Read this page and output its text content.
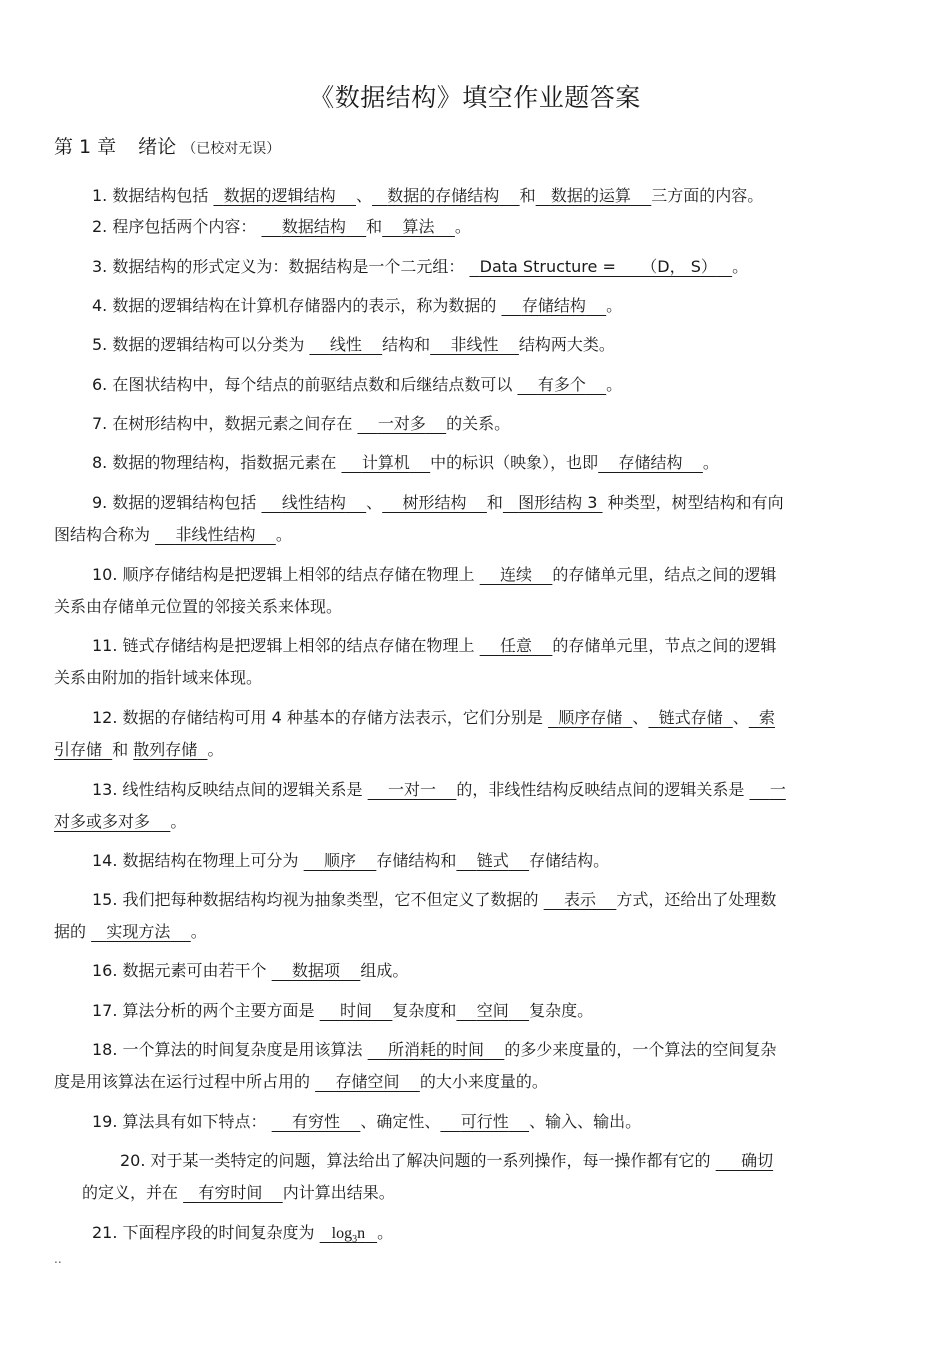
《数据结构》填空作业题答案
第 1 章 绪论 （已校对无误）
1. 数据结构包括 数据的逻辑结构 、 数据的存储结构 和 数据的运算 三方面的内容。
2. 程序包括两个内容： 数据结构 和 算法 。
3. 数据结构的形式定义为：数据结构是一个二元组： Data Structure =     （D， S） 。
4. 数据的逻辑结构在计算机存储器内的表示，称为数据的 存储结构 。
5. 数据的逻辑结构可以分类为 线性 结构和 非线性 结构两大类。
6. 在图状结构中，每个结点的前驱结点数和后继结点数可以 有多个 。
7. 在树形结构中，数据元素之间存在 一对多 的关系。
8. 数据的物理结构，指数据元素在 计算机 中的标识（映象），也即 存储结构 。
9. 数据的逻辑结构包括 线性结构 、 树形结构 和 图形结构 3 种类型，树型结构和有向
图结构合称为 非线性结构 。
10. 顺序存储结构是把逻辑上相邻的结点存储在物理上 连续 的存储单元里，结点之间的逻辑
关系由存储单元位置的邻接关系来体现。
11. 链式存储结构是把逻辑上相邻的结点存储在物理上 任意 的存储单元里，节点之间的逻辑
关系由附加的指针域来体现。
12. 数据的存储结构可用 4 种基本的存储方法表示，它们分别是 顺序存储 、 链式存储 、 索
引存储 和 散列存储 。
13. 线性结构反映结点间的逻辑关系是 一对一 的，非线性结构反映结点间的逻辑关系是 一
对多或多对多 。
14. 数据结构在物理上可分为 顺序 存储结构和 链式 存储结构。
15. 我们把每种数据结构均视为抽象类型，它不但定义了数据的 表示 方式，还给出了处理数
据的 实现方法 。
16. 数据元素可由若干个 数据项 组成。
17. 算法分析的两个主要方面是 时间 复杂度和 空间 复杂度。
18. 一个算法的时间复杂度是用该算法 所消耗的时间 的多少来度量的，一个算法的空间复杂
度是用该算法在运行过程中所占用的 存储空间 的大小来度量的。
19. 算法具有如下特点： 有穷性 、确定性、 可行性 、输入、输出。
20. 对于某一类特定的问题，算法给出了解决问题的一系列操作，每一操作都有它的 确切
的定义，并在 有穷时间 内计算出结果。
21. 下面程序段的时间复杂度为 $\log_3n$ 。
..
